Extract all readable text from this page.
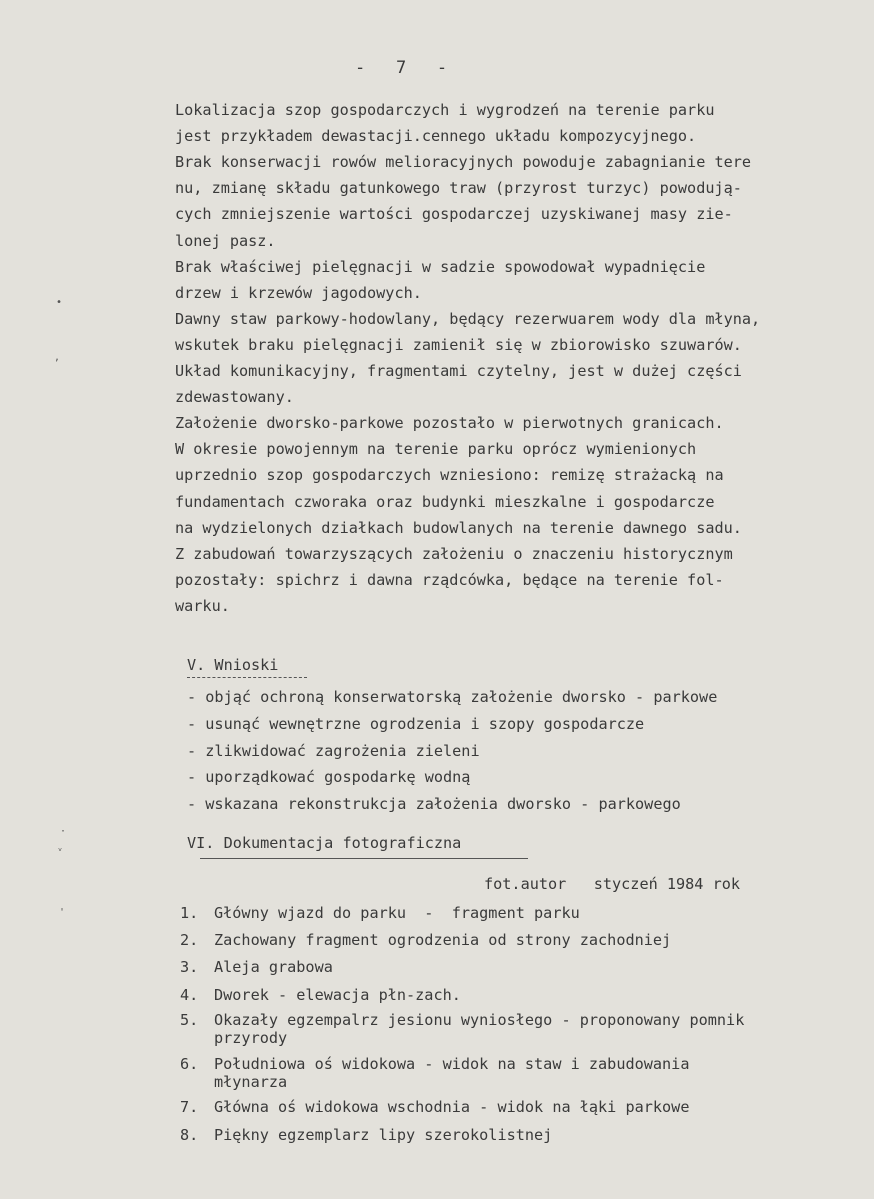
-   7   -
Lokalizacja szop gospodarczych i wygrodzeń na terenie parku
jest przykładem dewastacji.cennego układu kompozycyjnego.
Brak konserwacji rowów melioracyjnych powoduje zabagnianie tere
nu, zmianę składu gatunkowego traw (przyrost turzyc) powodują-
cych zmniejszenie wartości gospodarczej uzyskiwanej masy zie-
lonej pasz.
Brak właściwej pielęgnacji w sadzie spowodował wypadnięcie
drzew i krzewów jagodowych.
Dawny staw parkowy-hodowlany, będący rezerwuarem wody dla młyna,
wskutek braku pielęgnacji zamienił się w zbiorowisko szuwarów.
Układ komunikacyjny, fragmentami czytelny, jest w dużej części
zdewastowany.
Założenie dworsko-parkowe pozostało w pierwotnych granicach.
W okresie powojennym na terenie parku oprócz wymienionych
uprzednio szop gospodarczych wzniesiono: remizę strażacką na
fundamentach czworaka oraz budynki mieszkalne i gospodarcze
na wydzielonych działkach budowlanych na terenie dawnego sadu.
Z zabudowań towarzyszących założeniu o znaczeniu historycznym
pozostały: spichrz i dawna rządcówka, będące na terenie fol-
warku.
V. Wnioski
- objąć ochroną konserwatorską założenie dworsko - parkowe
- usunąć wewnętrzne ogrodzenia i szopy gospodarcze
- zlikwidować zagrożenia zieleni
- uporządkować gospodarkę wodną
- wskazana rekonstrukcja założenia dworsko - parkowego
VI. Dokumentacja fotograficzna
fot.autor   styczeń 1984 rok
1. Główny wjazd do parku  -  fragment parku
2. Zachowany fragment ogrodzenia od strony zachodniej
3. Aleja grabowa
4. Dworek - elewacja płn-zach.
5. Okazały egzempalrz jesionu wyniosłego - proponowany pomnik
przyrody
6. Południowa oś widokowa - widok na staw i zabudowania
młynarza
7. Główna oś widokowa wschodnia - widok na łąki parkowe
8. Piękny egzemplarz lipy szerokolistnej
•
,
·
ᵥ
'
